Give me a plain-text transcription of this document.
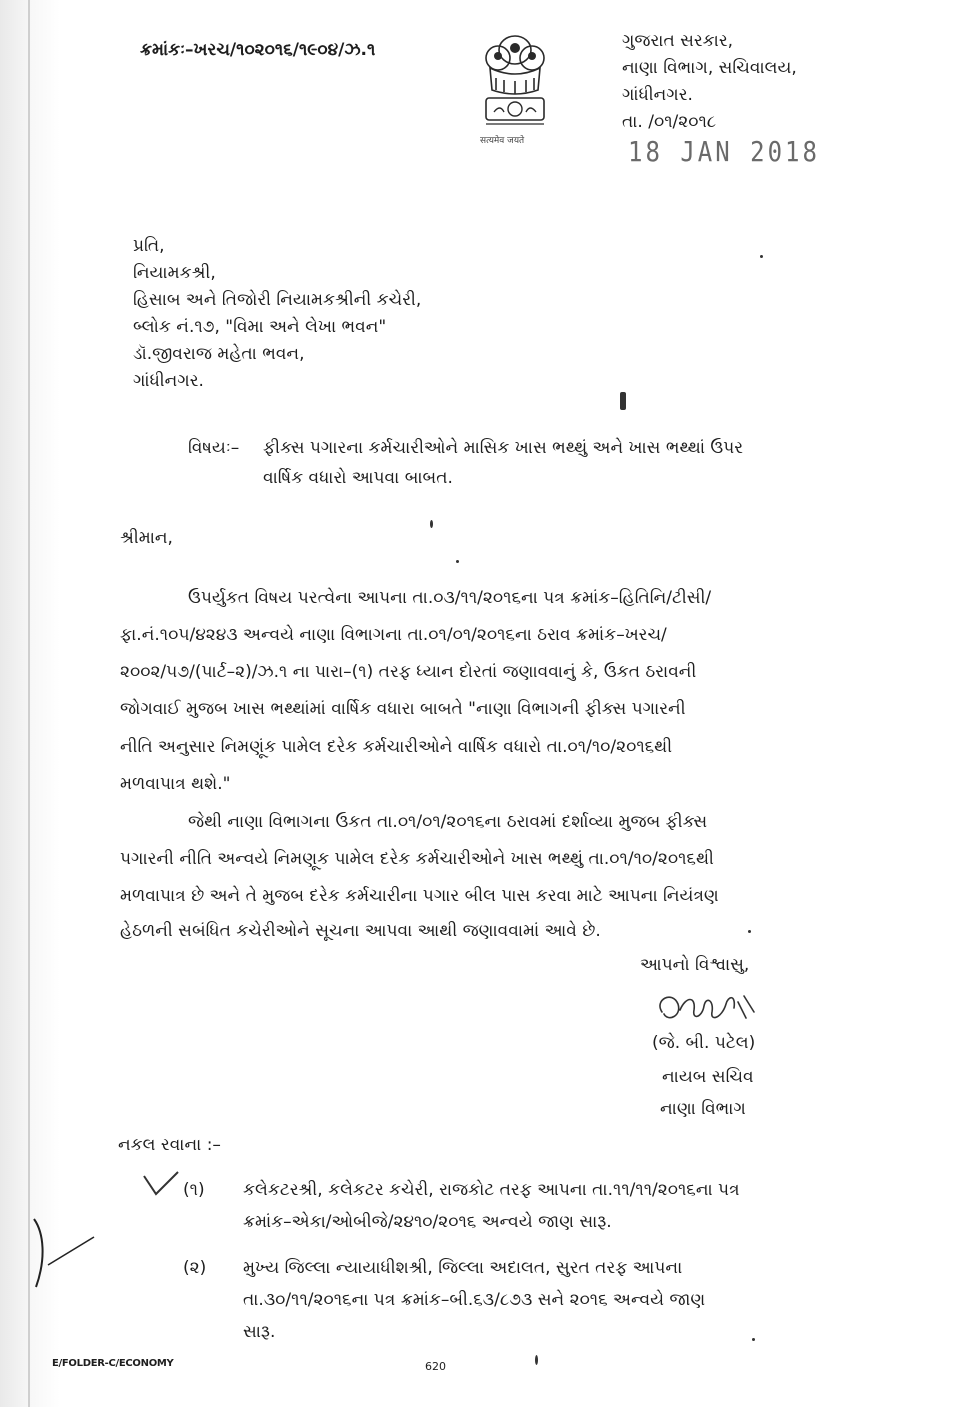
ક્રમાંકઃ–ખરચ/૧૦૨૦૧૬/૧૯૦૪/ઝ.૧
सत्यमेव जयते
ગુજરાત સરકાર,
નાણા વિભાગ, સચિવાલય,
ગાંધીનગર.
તા. /૦૧/૨૦૧૮
18 JAN 2018
પ્રતિ,
નિયામકશ્રી,
હિસાબ અને તિજોરી નિયામકશ્રીની કચેરી,
બ્લોક નં.૧૭, "વિમા અને લેખા ભવન"
ડૉ.જીવરાજ મહેતા ભવન,
ગાંધીનગર.
વિષયઃ– ફીક્સ પગારના કર્મચારીઓને માસિક ખાસ ભથ્થું અને ખાસ ભથ્થાં ઉપર
વાર્ષિક વધારો આપવા બાબત.
શ્રીમાન,
ઉપર્યુકત વિષય પરત્વેના આપના તા.૦૩/૧૧/૨૦૧૬ના પત્ર ક્રમાંક–હિતિનિ/ટીસી/
ફા.નં.૧૦૫/૪૨૪૩ અન્વયે નાણા વિભાગના તા.૦૧/૦૧/૨૦૧૬ના ઠરાવ ક્રમાંક–ખરચ/
૨૦૦૨/૫૭/(પાર્ટ–૨)/ઝ.૧ ના પારા–(૧) તરફ ધ્યાન દોરતાં જણાવવાનું કે, ઉકત ઠરાવની
જોગવાઈ મુજબ ખાસ ભથ્થાંમાં વાર્ષિક વધારા બાબતે "નાણા વિભાગની ફીક્સ પગારની
નીતિ અનુસાર નિમણૂંક પામેલ દરેક કર્મચારીઓને વાર્ષિક વધારો તા.૦૧/૧૦/૨૦૧૬થી
મળવાપાત્ર થશે."
જેથી નાણા વિભાગના ઉકત તા.૦૧/૦૧/૨૦૧૬ના ઠરાવમાં દર્શાવ્યા મુજબ ફીક્સ
પગારની નીતિ અન્વયે નિમણૂક પામેલ દરેક કર્મચારીઓને ખાસ ભથ્થું તા.૦૧/૧૦/૨૦૧૬થી
મળવાપાત્ર છે અને તે મુજબ દરેક કર્મચારીના પગાર બીલ પાસ કરવા માટે આપના નિયંત્રણ
હેઠળની સબંધિત કચેરીઓને સૂચના આપવા આથી જણાવવામાં આવે છે.
આપનો વિશ્વાસુ,
(જે. બી. પટેલ)
નાયબ સચિવ
નાણા વિભાગ
નકલ રવાના :–
(૧) કલેકટરશ્રી, કલેકટર કચેરી, રાજકોટ તરફ આપના તા.૧૧/૧૧/૨૦૧૬ના પત્ર
ક્રમાંક–એકા/ઓબીજે/૨૪૧૦/૨૦૧૬ અન્વયે જાણ સારૂ.
(૨) મુખ્ય જિલ્લા ન્યાયાધીશશ્રી, જિલ્લા અદાલત, સુરત તરફ આપના
તા.૩૦/૧૧/૨૦૧૬ના પત્ર ક્રમાંક–બી.૬૩/૮૭૩ સને ૨૦૧૬ અન્વયે જાણ
સારૂ.
E/FOLDER-C/ECONOMY	620
